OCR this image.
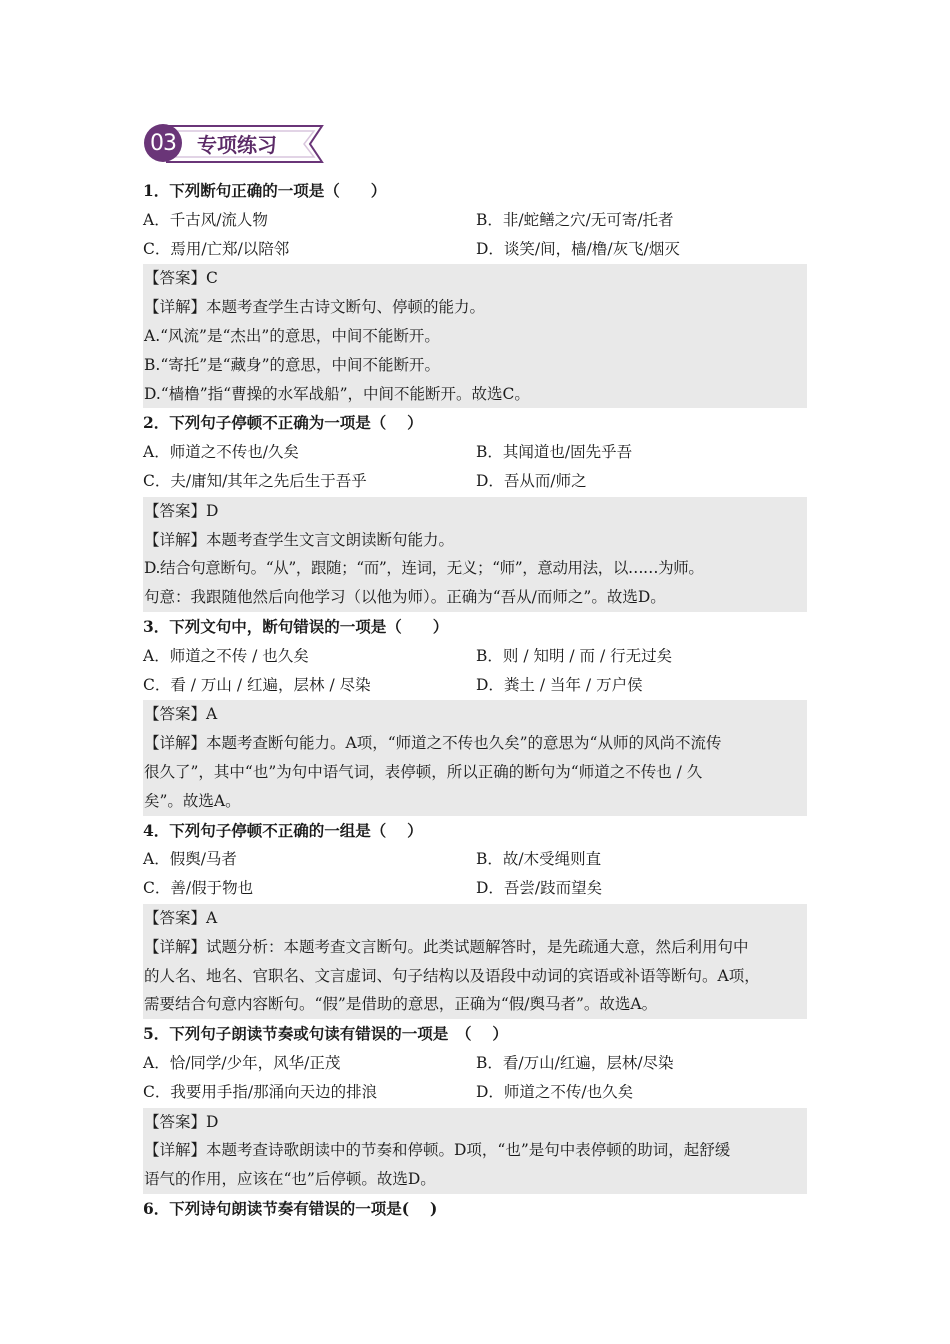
03	专项练习
1．下列断句正确的一项是（　　）
A．千古风/流人物	B．非/蛇鳝之穴/无可寄/托者
C．焉用/亡郑/以陪邻	D．谈笑/间，樯/橹/灰飞/烟灭
【答案】C
【详解】本题考查学生古诗文断句、停顿的能力。
A.“风流”是“杰出”的意思，中间不能断开。
B.“寄托”是“藏身”的意思，中间不能断开。
D.“樯橹”指“曹操的水军战船”，中间不能断开。故选C。
2．下列句子停顿不正确为一项是（　 ）
A．师道之不传也/久矣	B．其闻道也/固先乎吾
C．夫/庸知/其年之先后生于吾乎	D．吾从而/师之
【答案】D
【详解】本题考查学生文言文朗读断句能力。
D.结合句意断句。“从”，跟随；“而”，连词，无义；“师”，意动用法，以……为师。
句意：我跟随他然后向他学习（以他为师）。正确为“吾从/而师之”。故选D。
3．下列文句中，断句错误的一项是（　　）
A．师道之不传 / 也久矣	B．则 / 知明 / 而 / 行无过矣
C．看 / 万山 / 红遍，层林 / 尽染	D．粪土 / 当年 / 万户侯
【答案】A
【详解】本题考查断句能力。A项，“师道之不传也久矣”的意思为“从师的风尚不流传
很久了”，其中“也”为句中语气词，表停顿，所以正确的断句为“师道之不传也 / 久
矣”。故选A。
4．下列句子停顿不正确的一组是（　 ）
A．假舆/马者	B．故/木受绳则直
C．善/假于物也	D．吾尝/跂而望矣
【答案】A
【详解】试题分析：本题考查文言断句。此类试题解答时，是先疏通大意，然后利用句中
的人名、地名、官职名、文言虚词、句子结构以及语段中动词的宾语或补语等断句。A项，
需要结合句意内容断句。“假”是借助的意思，正确为“假/舆马者”。故选A。
5．下列句子朗读节奏或句读有错误的一项是　（　 ）
A．恰/同学/少年，风华/正茂	B．看/万山/红遍，层林/尽染
C．我要用手指/那涌向天边的排浪	D．师道之不传/也久矣
【答案】D
【详解】本题考查诗歌朗读中的节奏和停顿。D项，“也”是句中表停顿的助词，起舒缓
语气的作用，应该在“也”后停顿。故选D。
6．下列诗句朗读节奏有错误的一项是(　 )
